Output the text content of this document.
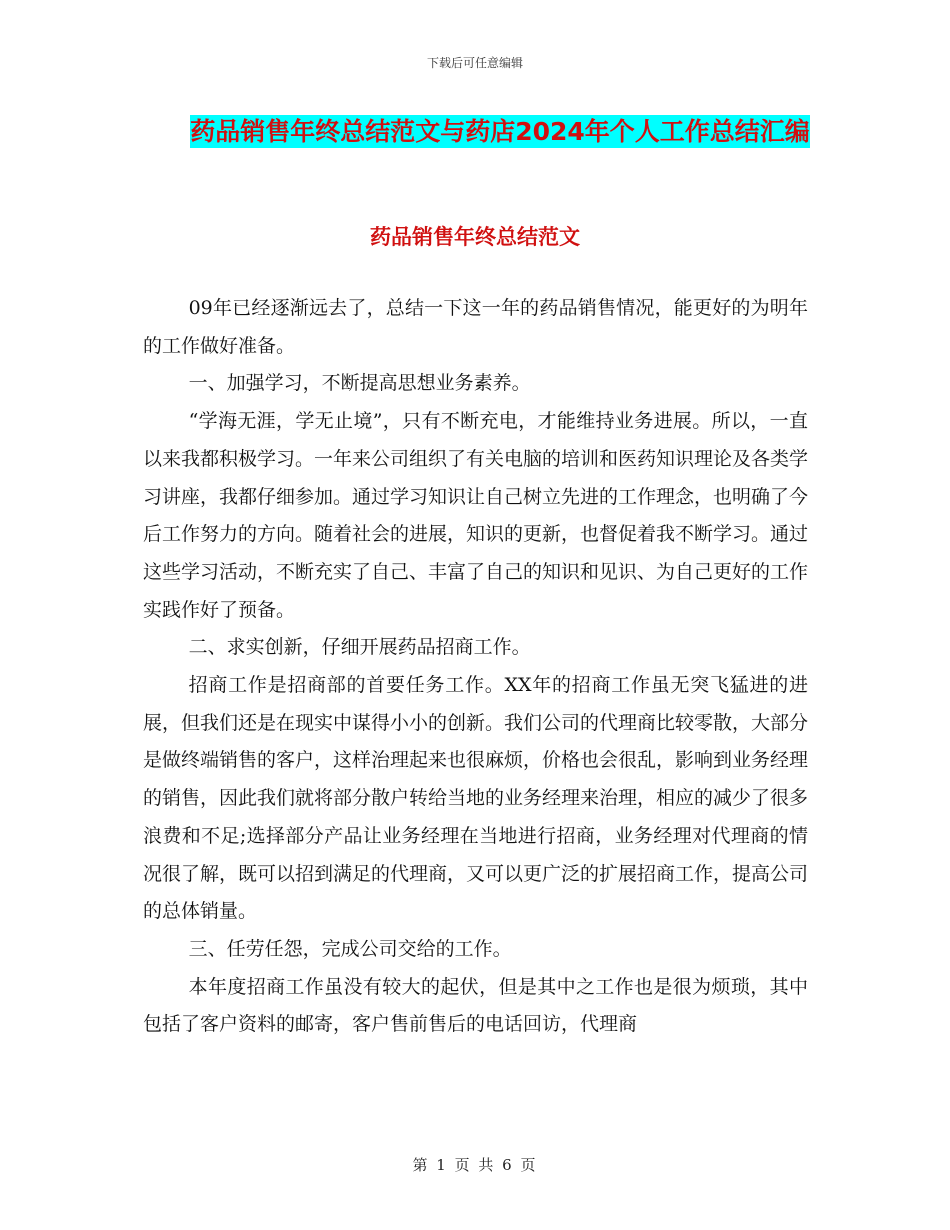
下载后可任意编辑
药品销售年终总结范文与药店2024年个人工作总结汇编
药品销售年终总结范文

09年已经逐渐远去了，总结一下这一年的药品销售情况，能更好的为明年的工作做好准备。

一、加强学习，不断提高思想业务素养。

“学海无涯，学无止境”，只有不断充电，才能维持业务进展。所以，一直以来我都积极学习。一年来公司组织了有关电脑的培训和医药知识理论及各类学习讲座，我都仔细参加。通过学习知识让自己树立先进的工作理念，也明确了今后工作努力的方向。随着社会的进展，知识的更新，也督促着我不断学习。通过这些学习活动，不断充实了自己、丰富了自己的知识和见识、为自己更好的工作实践作好了预备。

二、求实创新，仔细开展药品招商工作。

招商工作是招商部的首要任务工作。XX年的招商工作虽无突飞猛进的进展，但我们还是在现实中谋得小小的创新。我们公司的代理商比较零散，大部分是做终端销售的客户，这样治理起来也很麻烦，价格也会很乱，影响到业务经理的销售，因此我们就将部分散户转给当地的业务经理来治理，相应的减少了很多浪费和不足;选择部分产品让业务经理在当地进行招商，业务经理对代理商的情况很了解，既可以招到满足的代理商，又可以更广泛的扩展招商工作，提高公司的总体销量。

三、任劳任怨，完成公司交给的工作。

本年度招商工作虽没有较大的起伏，但是其中之工作也是很为烦琐，其中包括了客户资料的邮寄，客户售前售后的电话回访，代理商

第 1 页 共 6 页
